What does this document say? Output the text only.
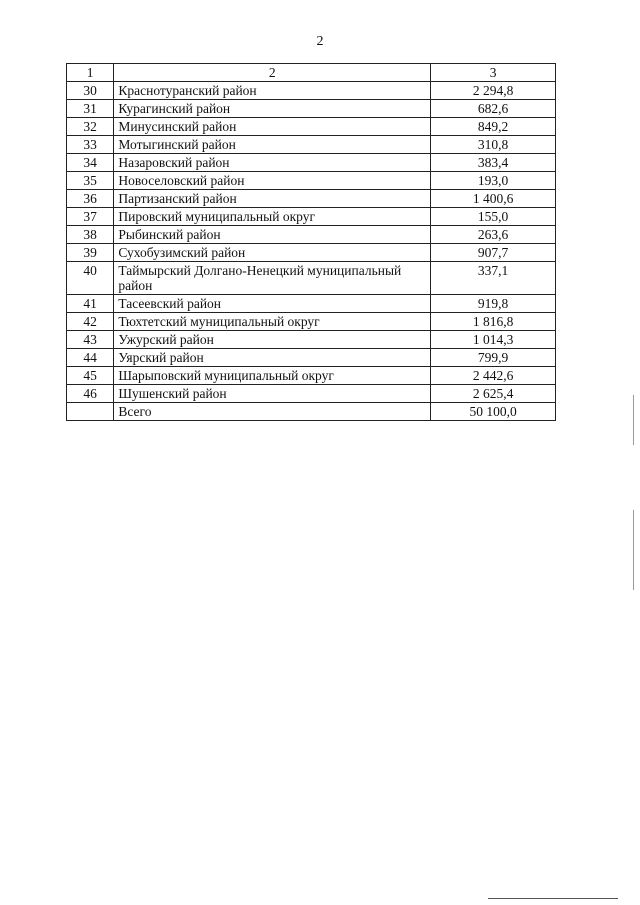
2
1	2	3
30	Краснотуранский район	2 294,8
31	Курагинский район	682,6
32	Минусинский район	849,2
33	Мотыгинский район	310,8
34	Назаровский район	383,4
35	Новоселовский район	193,0
36	Партизанский район	1 400,6
37	Пировский муниципальный округ	155,0
38	Рыбинский район	263,6
39	Сухобузимский район	907,7
40	Таймырский Долгано-Ненецкий муниципальный район	337,1
41	Тасеевский район	919,8
42	Тюхтетский муниципальный округ	1 816,8
43	Ужурский район	1 014,3
44	Уярский район	799,9
45	Шарыповский муниципальный округ	2 442,6
46	Шушенский район	2 625,4
	Всего	50 100,0
